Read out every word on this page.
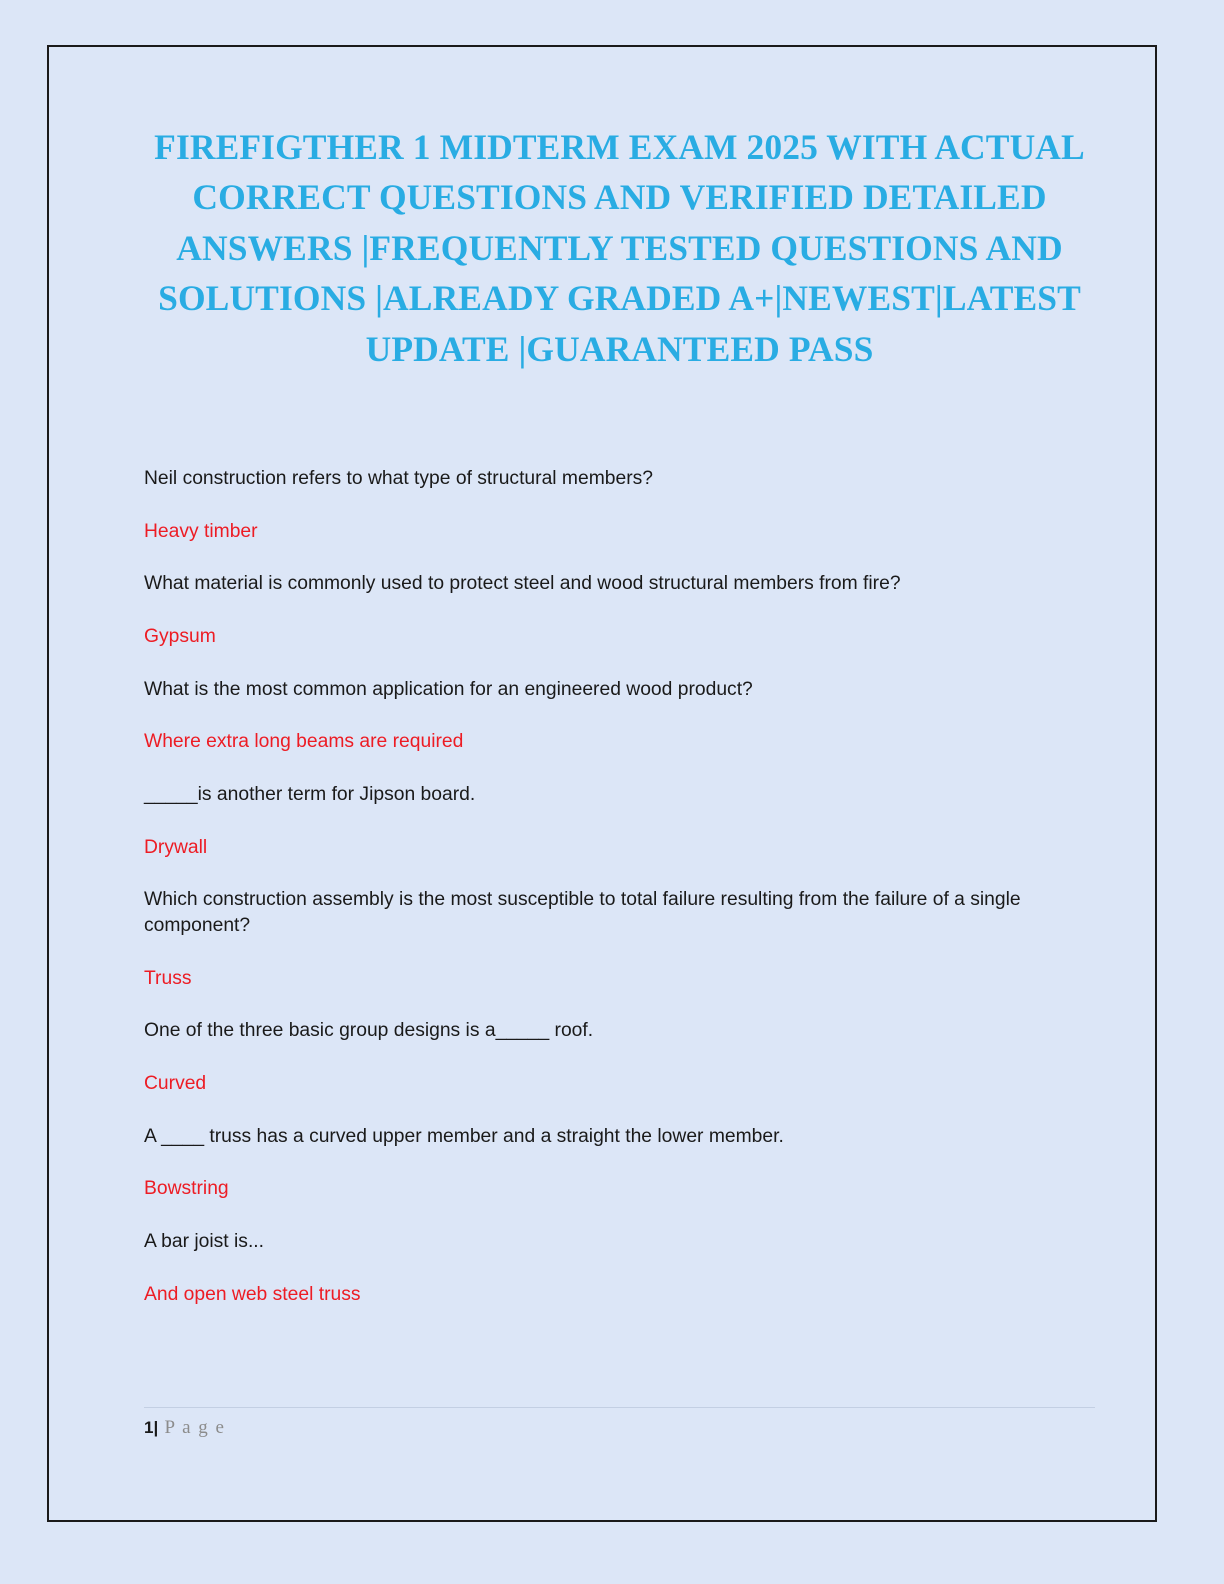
FIREFIGTHER 1 MIDTERM EXAM 2025 WITH ACTUAL CORRECT QUESTIONS AND VERIFIED DETAILED ANSWERS |FREQUENTLY TESTED QUESTIONS AND SOLUTIONS |ALREADY GRADED A+|NEWEST|LATEST UPDATE |GUARANTEED PASS

Neil construction refers to what type of structural members?

Heavy timber

What material is commonly used to protect steel and wood structural members from fire?

Gypsum

What is the most common application for an engineered wood product?

Where extra long beams are required

_____is another term for Jipson board.

Drywall

Which construction assembly is the most susceptible to total failure resulting from the failure of a single component?

Truss

One of the three basic group designs is a_____ roof.

Curved

A ____ truss has a curved upper member and a straight the lower member.

Bowstring

A bar joist is...

And open web steel truss

1| P a g e
